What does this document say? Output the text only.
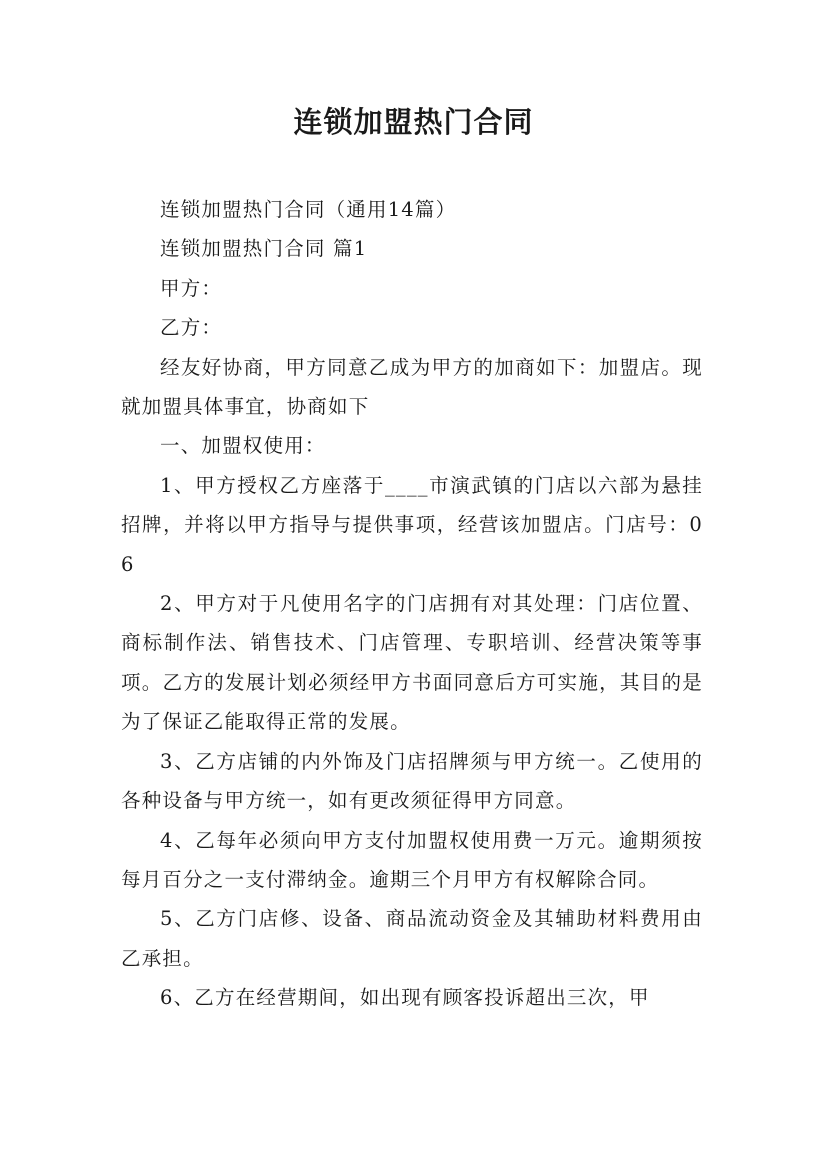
连锁加盟热门合同

连锁加盟热门合同（通用14篇）

连锁加盟热门合同 篇1

甲方：

乙方：

经友好协商，甲方同意乙成为甲方的加商如下：加盟店。现就加盟具体事宜，协商如下

一、加盟权使用：

1、甲方授权乙方座落于____市演武镇的门店以六部为悬挂招牌，并将以甲方指导与提供事项，经营该加盟店。门店号：06

2、甲方对于凡使用名字的门店拥有对其处理：门店位置、商标制作法、销售技术、门店管理、专职培训、经营决策等事项。乙方的发展计划必须经甲方书面同意后方可实施，其目的是为了保证乙能取得正常的发展。

3、乙方店铺的内外饰及门店招牌须与甲方统一。乙使用的各种设备与甲方统一，如有更改须征得甲方同意。

4、乙每年必须向甲方支付加盟权使用费一万元。逾期须按每月百分之一支付滞纳金。逾期三个月甲方有权解除合同。

5、乙方门店修、设备、商品流动资金及其辅助材料费用由乙承担。

6、乙方在经营期间，如出现有顾客投诉超出三次，甲
